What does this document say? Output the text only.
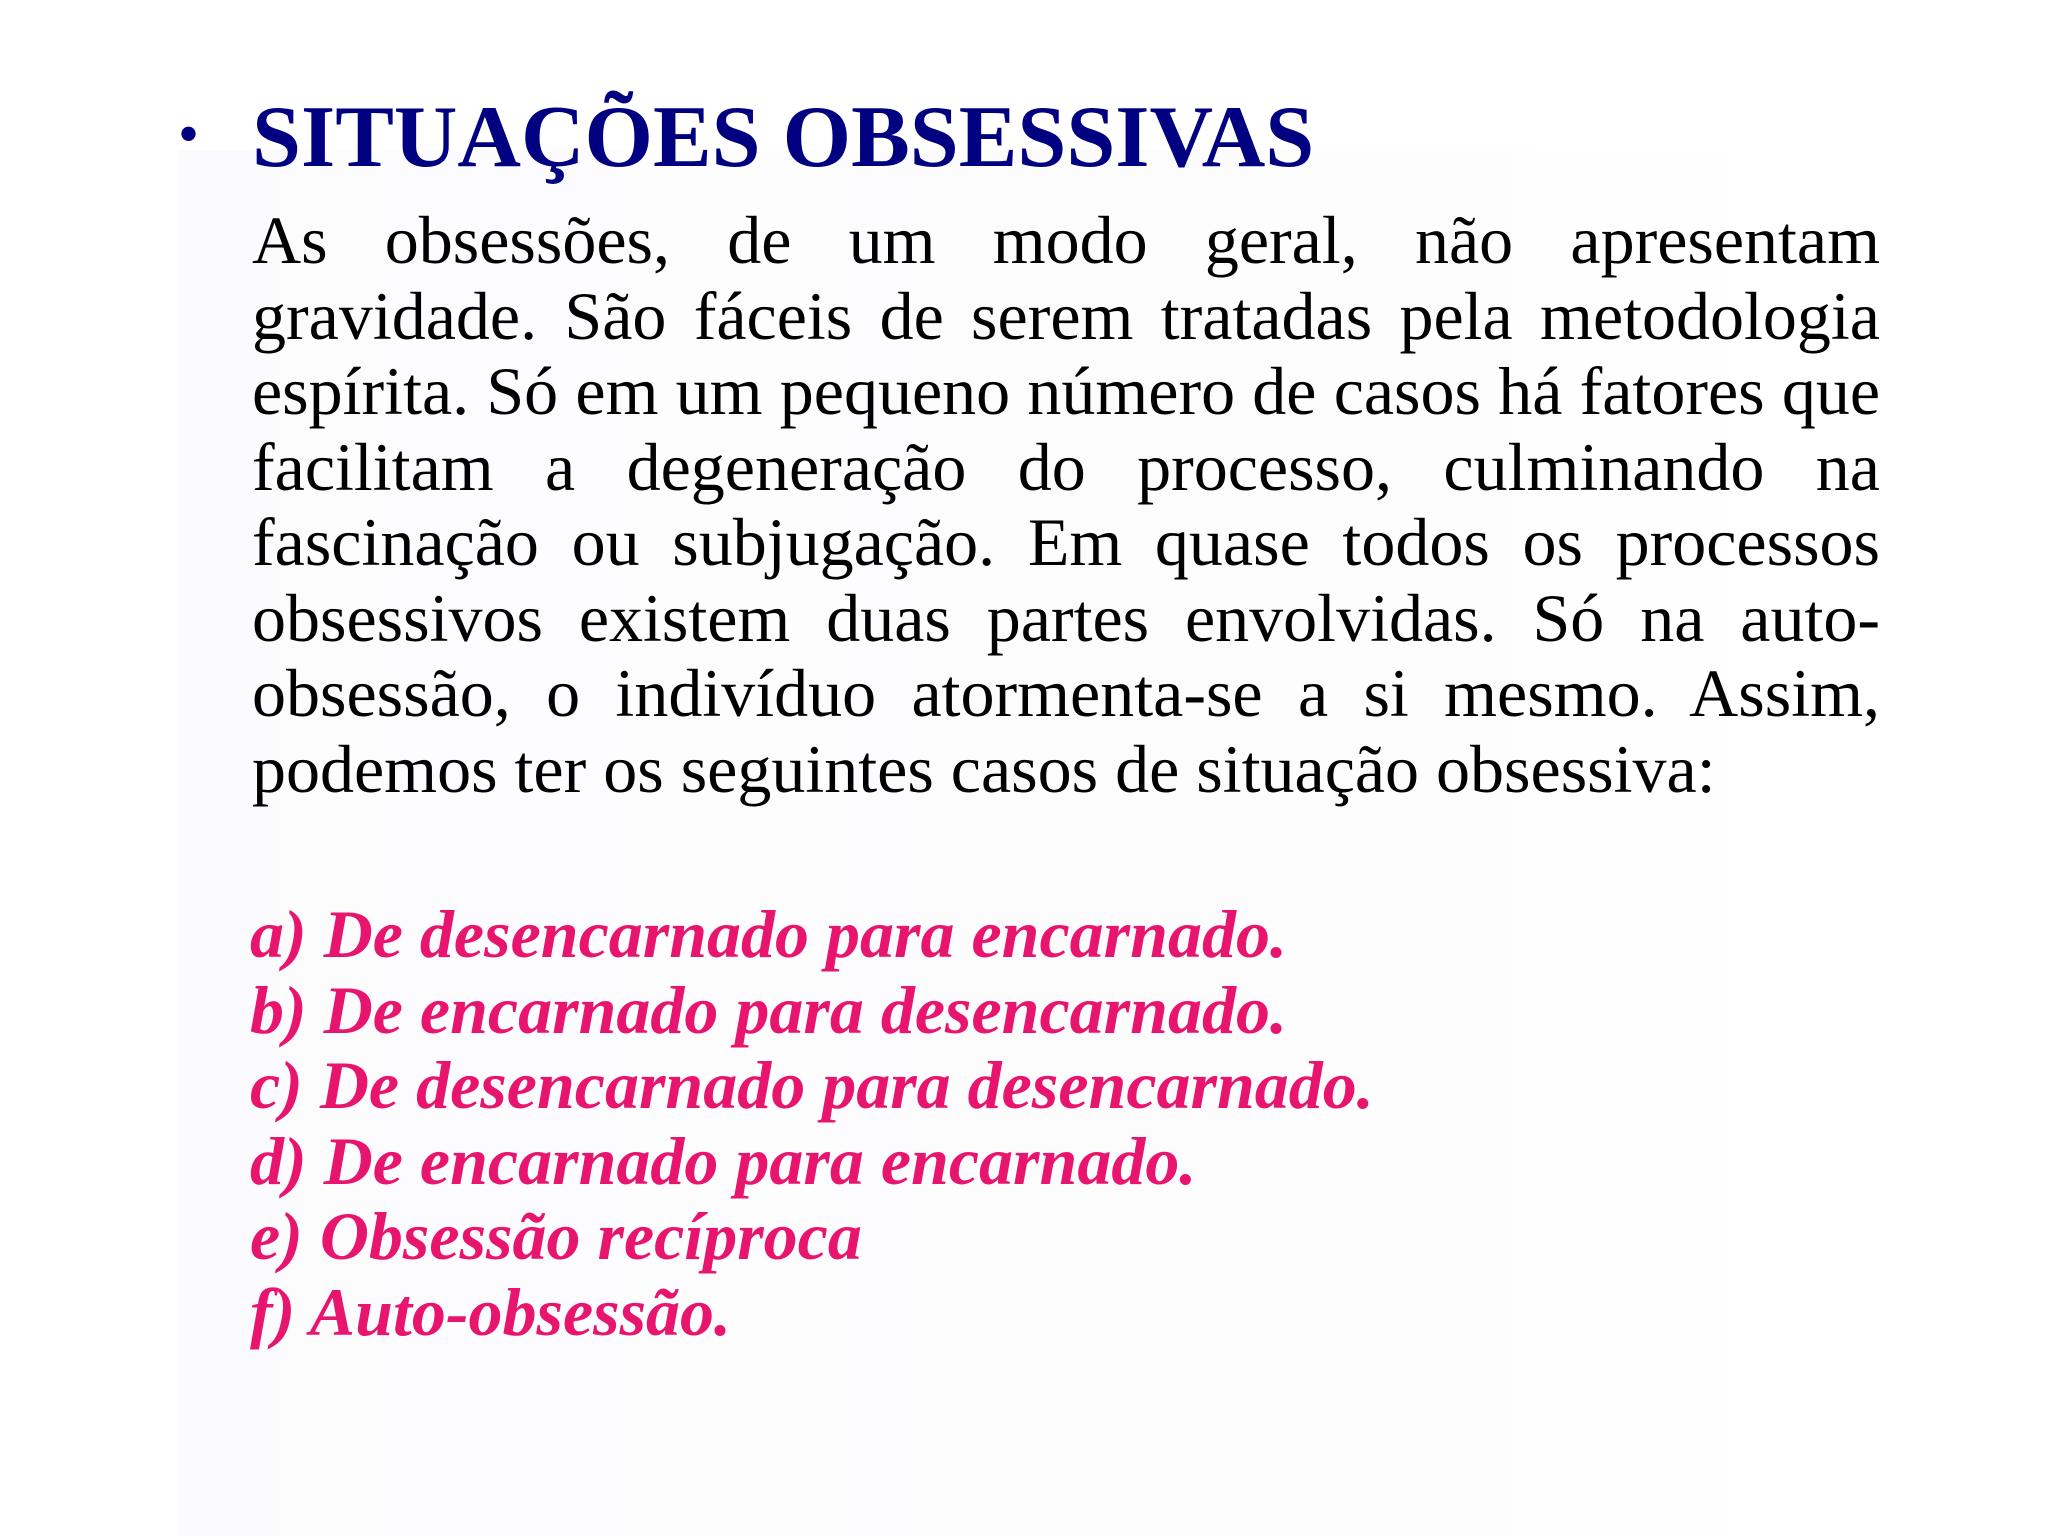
• SITUAÇÕES OBSESSIVAS

As obsessões, de um modo geral, não apresentam gravidade. São fáceis de serem tratadas pela metodologia espírita. Só em um pequeno número de casos há fatores que facilitam a degeneração do processo, culminando na fascinação ou subjugação. Em quase todos os processos obsessivos existem duas partes envolvidas. Só na auto-obsessão, o indivíduo atormenta-se a si mesmo. Assim, podemos ter os seguintes casos de situação obsessiva:

a) De desencarnado para encarnado.
b) De encarnado para desencarnado.
c) De desencarnado para desencarnado.
d) De encarnado para encarnado.
e) Obsessão recíproca
f) Auto-obsessão.
